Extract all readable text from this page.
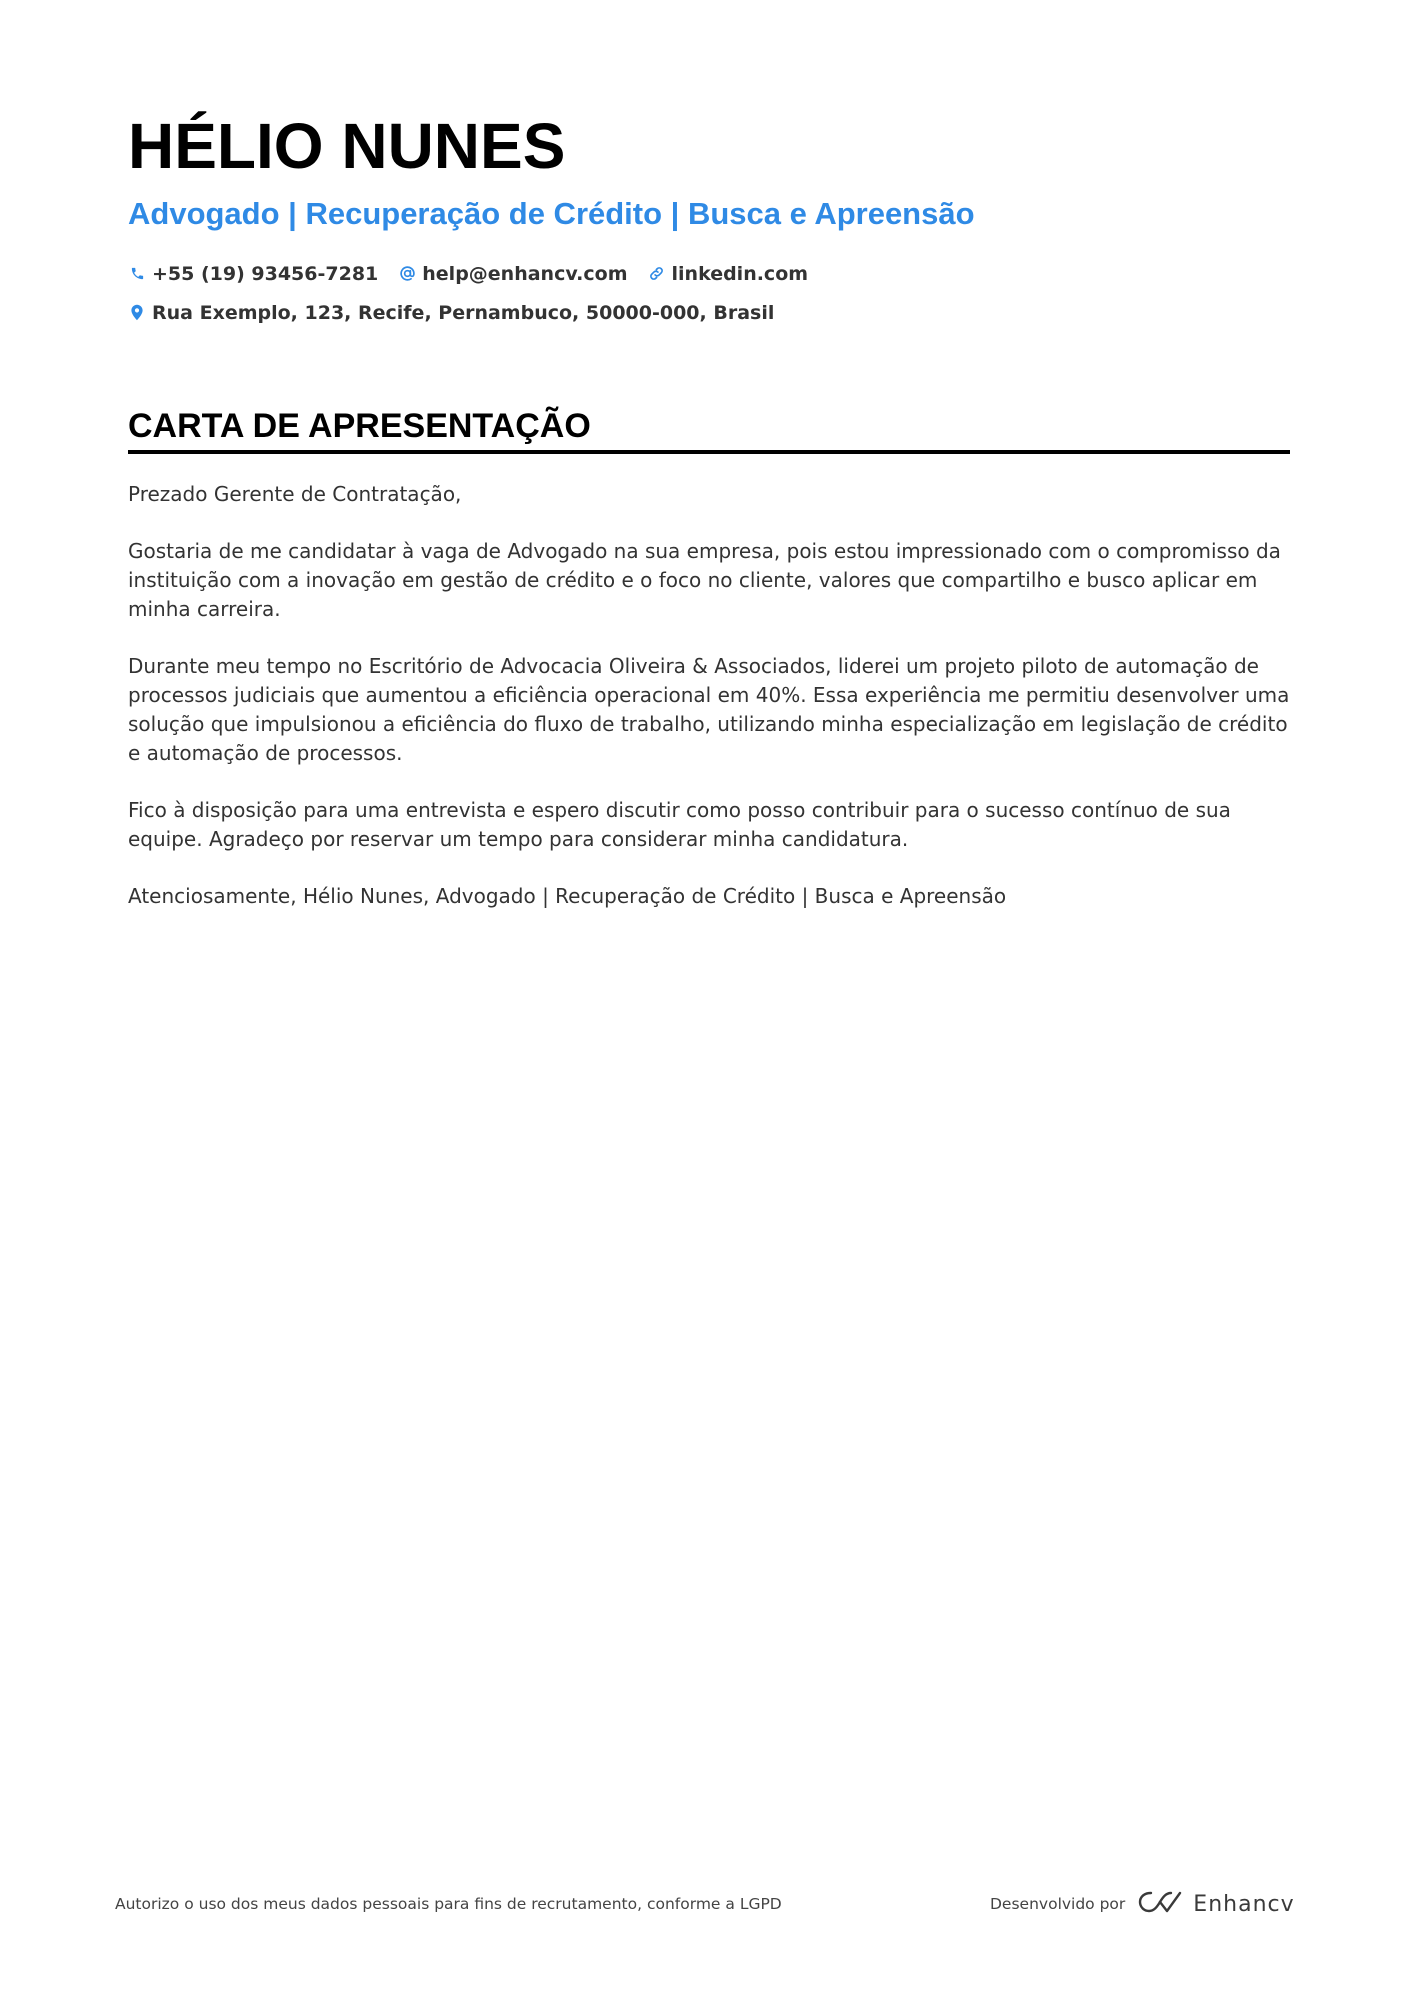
HÉLIO NUNES
Advogado | Recuperação de Crédito | Busca e Apreensão
+55 (19) 93456-7281 help@enhancv.com linkedin.com
Rua Exemplo, 123, Recife, Pernambuco, 50000-000, Brasil
CARTA DE APRESENTAÇÃO

Prezado Gerente de Contratação,

Gostaria de me candidatar à vaga de Advogado na sua empresa, pois estou impressionado com o compromisso da instituição com a inovação em gestão de crédito e o foco no cliente, valores que compartilho e busco aplicar em minha carreira.

Durante meu tempo no Escritório de Advocacia Oliveira & Associados, liderei um projeto piloto de automação de processos judiciais que aumentou a eficiência operacional em 40%. Essa experiência me permitiu desenvolver uma solução que impulsionou a eficiência do fluxo de trabalho, utilizando minha especialização em legislação de crédito e automação de processos.

Fico à disposição para uma entrevista e espero discutir como posso contribuir para o sucesso contínuo de sua equipe. Agradeço por reservar um tempo para considerar minha candidatura.

Atenciosamente, Hélio Nunes, Advogado | Recuperação de Crédito | Busca e Apreensão

Autorizo o uso dos meus dados pessoais para fins de recrutamento, conforme a LGPD	Desenvolvido por	Enhancv
